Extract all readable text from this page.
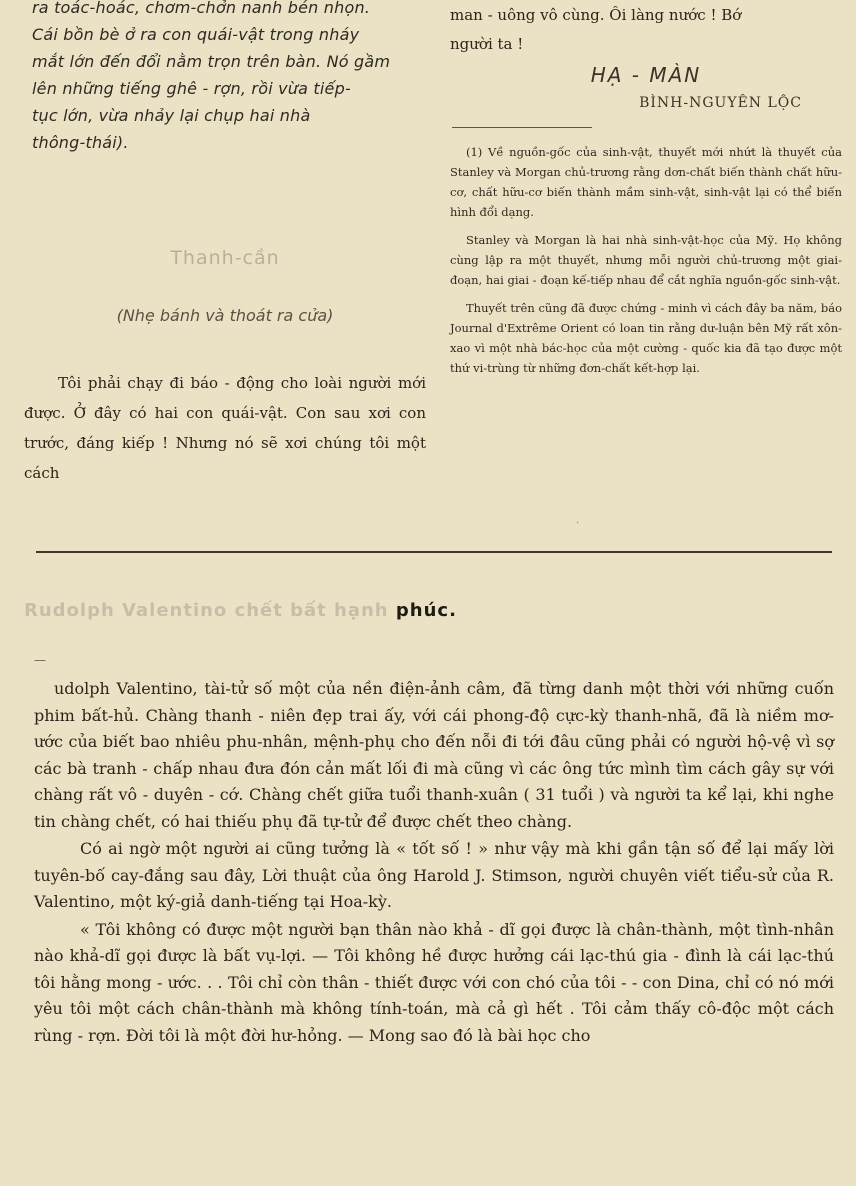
ra toác-hoác, chơm-chởn nanh bén nhọn.
Cái bồn bè ở ra con quái-vật trong nháy
mắt lớn đến đổi nằm trọn trên bàn. Nó gầm
lên những tiếng ghê - rợn, rồi vừa tiếp-
tục lớn, vừa nhảy lại chụp hai nhà
thông-thái).
Thanh-cần
(Nhẹ bánh và thoát ra cửa)

Tôi phải chạy đi báo - động cho loài người mới được. Ở đây có hai con quái-vật. Con sau xơi con trước, đáng kiếp ! Nhưng nó sẽ xơi chúng tôi một cách

man - uông vô cùng. Ôi làng nước ! Bớ

người ta !

HẠ - MÀN

BÌNH-NGUYÊN LỘC

(1) Về nguồn-gốc của sinh-vật, thuyết mới nhứt là thuyết của Stanley và Morgan chủ-trương rằng dơn-chất biến thành chất hữu-cơ, chất hữu-cơ biến thành mầm sinh-vật, sinh-vật lại có thể biến hình đổi dạng.

Stanley và Morgan là hai nhà sinh-vật-học của Mỹ. Họ không cùng lập ra một thuyết, nhưng mỗi người chủ-trương một giai-đoạn, hai giai - đoạn kế-tiếp nhau để cắt nghĩa nguồn-gốc sinh-vật.

Thuyết trên cũng đã được chứng - minh vì cách đây ba năm, báo Journal d'Extrême Orient có loan tin rằng dư-luận bên Mỹ rất xôn-xao vì một nhà bác-học của một cường - quốc kia đã tạo được một thứ vi-trùng từ những đơn-chất kết-hợp lại.

·
Rudolph Valentino chết bất hạnh phúc.
—

udolph Valentino, tài-tử số một của nền điện-ảnh câm, đã từng danh một thời với những cuốn phim bất-hủ. Chàng thanh - niên đẹp trai ấy, với cái phong-độ cực-kỳ thanh-nhã, đã là niềm mơ-ước của biết bao nhiêu phu-nhân, mệnh-phụ cho đến nỗi đi tới đâu cũng phải có người hộ-vệ vì sợ các bà tranh - chấp nhau đưa đón cản mất lối đi mà cũng vì các ông tức mình tìm cách gây sự với chàng rất vô - duyên - cớ. Chàng chết giữa tuổi thanh-xuân ( 31 tuổi ) và người ta kể lại, khi nghe tin chàng chết, có hai thiếu phụ đã tự-tử để được chết theo chàng.

Có ai ngờ một người ai cũng tưởng là « tốt số ! » như vậy mà khi gần tận số để lại mấy lời tuyên-bố cay-đắng sau đây, Lời thuật của ông Harold J. Stimson, người chuyên viết tiểu-sử của R. Valentino, một ký-giả danh-tiếng tại Hoa-kỳ.

« Tôi không có được một người bạn thân nào khả - dĩ gọi được là chân-thành, một tình-nhân nào khả-dĩ gọi được là bất vụ-lợi. — Tôi không hề được hưởng cái lạc-thú gia - đình là cái lạc-thú tôi hằng mong - ước. . . Tôi chỉ còn thân - thiết được với con chó của tôi - - con Dina, chỉ có nó mới yêu tôi một cách chân-thành mà không tính-toán, mà cả gì hết . Tôi cảm thấy cô-độc một cách rùng - rợn. Đời tôi là một đời hư-hỏng. — Mong sao đó là bài học cho
